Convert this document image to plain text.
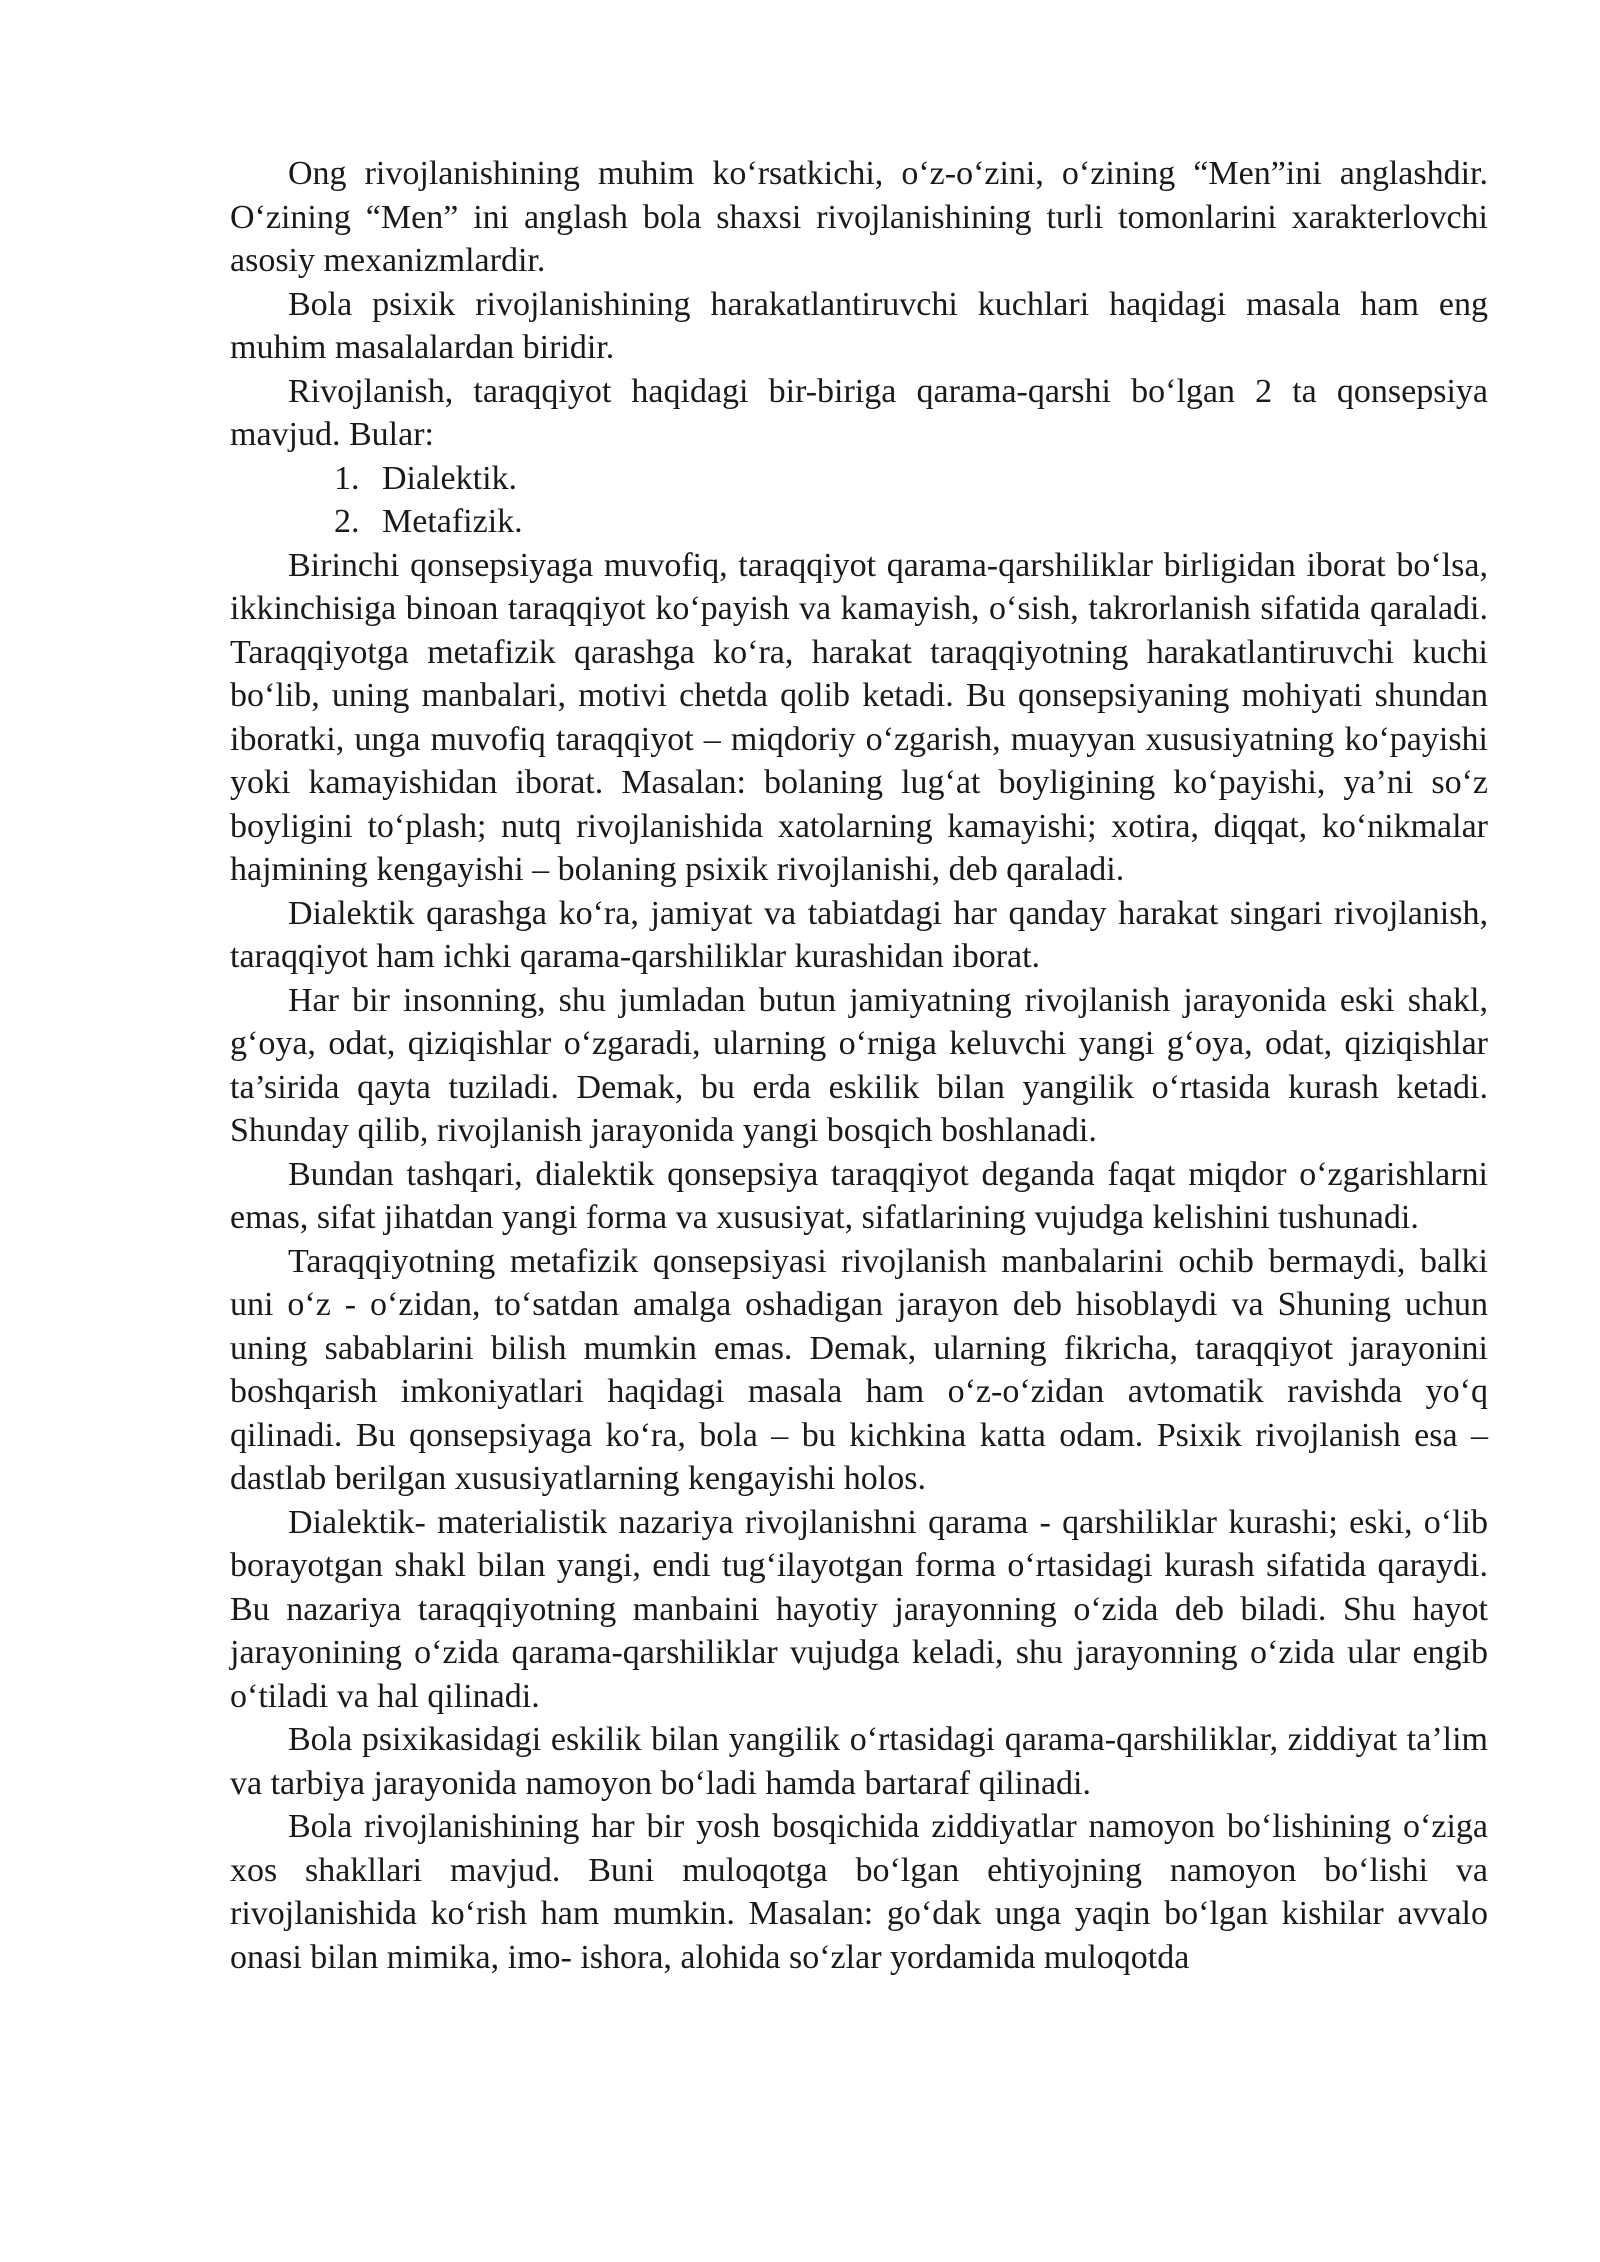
Ong rivojlanishining muhim ko‘rsatkichi, o‘z-o‘zini, o‘zining “Men”ini anglashdir. O‘zining “Men” ini anglash bola shaxsi rivojlanishining turli tomonlarini xarakterlovchi asosiy mexanizmlardir.

Bola psixik rivojlanishining harakatlantiruvchi kuchlari haqidagi masala ham eng muhim masalalardan biridir.

Rivojlanish, taraqqiyot haqidagi bir-biriga qarama-qarshi bo‘lgan 2 ta qonsepsiya mavjud. Bular:

1. Dialektik.
2. Metafizik.

Birinchi qonsepsiyaga muvofiq, taraqqiyot qarama-qarshiliklar birligidan iborat bo‘lsa, ikkinchisiga binoan taraqqiyot ko‘payish va kamayish, o‘sish, takrorlanish sifatida qaraladi. Taraqqiyotga metafizik qarashga ko‘ra, harakat taraqqiyotning harakatlantiruvchi kuchi bo‘lib, uning manbalari, motivi chetda qolib ketadi. Bu qonsepsiyaning mohiyati shundan iboratki, unga muvofiq taraqqiyot – miqdoriy o‘zgarish, muayyan xususiyatning ko‘payishi yoki kamayishidan iborat. Masalan: bolaning lug‘at boyligining ko‘payishi, ya’ni so‘z boyligini to‘plash; nutq rivojlanishida xatolarning kamayishi; xotira, diqqat, ko‘nikmalar hajmining kengayishi – bolaning psixik rivojlanishi, deb qaraladi.

Dialektik qarashga ko‘ra, jamiyat va tabiatdagi har qanday harakat singari rivojlanish, taraqqiyot ham ichki qarama-qarshiliklar kurashidan iborat.

Har bir insonning, shu jumladan butun jamiyatning rivojlanish jarayonida eski shakl, g‘oya, odat, qiziqishlar o‘zgaradi, ularning o‘rniga keluvchi yangi g‘oya, odat, qiziqishlar ta’sirida qayta tuziladi. Demak, bu erda eskilik bilan yangilik o‘rtasida kurash ketadi. Shunday qilib, rivojlanish jarayonida yangi bosqich boshlanadi.

Bundan tashqari, dialektik qonsepsiya taraqqiyot deganda faqat miqdor o‘zgarishlarni emas, sifat jihatdan yangi forma va xususiyat, sifatlarining vujudga kelishini tushunadi.

Taraqqiyotning metafizik qonsepsiyasi rivojlanish manbalarini ochib bermaydi, balki uni o‘z - o‘zidan, to‘satdan amalga oshadigan jarayon deb hisoblaydi va Shuning uchun uning sabablarini bilish mumkin emas. Demak, ularning fikricha, taraqqiyot jarayonini boshqarish imkoniyatlari haqidagi masala ham o‘z-o‘zidan avtomatik ravishda yo‘q qilinadi. Bu qonsepsiyaga ko‘ra, bola – bu kichkina katta odam. Psixik rivojlanish esa – dastlab berilgan xususiyatlarning kengayishi holos.

Dialektik- materialistik nazariya rivojlanishni qarama - qarshiliklar kurashi; eski, o‘lib borayotgan shakl bilan yangi, endi tug‘ilayotgan forma o‘rtasidagi kurash sifatida qaraydi. Bu nazariya taraqqiyotning manbaini hayotiy jarayonning o‘zida deb biladi. Shu hayot jarayonining o‘zida qarama-qarshiliklar vujudga keladi, shu jarayonning o‘zida ular engib o‘tiladi va hal qilinadi.

Bola psixikasidagi eskilik bilan yangilik o‘rtasidagi qarama-qarshiliklar, ziddiyat ta’lim va tarbiya jarayonida namoyon bo‘ladi hamda bartaraf qilinadi.

Bola rivojlanishining har bir yosh bosqichida ziddiyatlar namoyon bo‘lishining o‘ziga xos shakllari mavjud. Buni muloqotga bo‘lgan ehtiyojning namoyon bo‘lishi va rivojlanishida ko‘rish ham mumkin. Masalan: go‘dak unga yaqin bo‘lgan kishilar avvalo onasi bilan mimika, imo- ishora, alohida so‘zlar yordamida muloqotda
